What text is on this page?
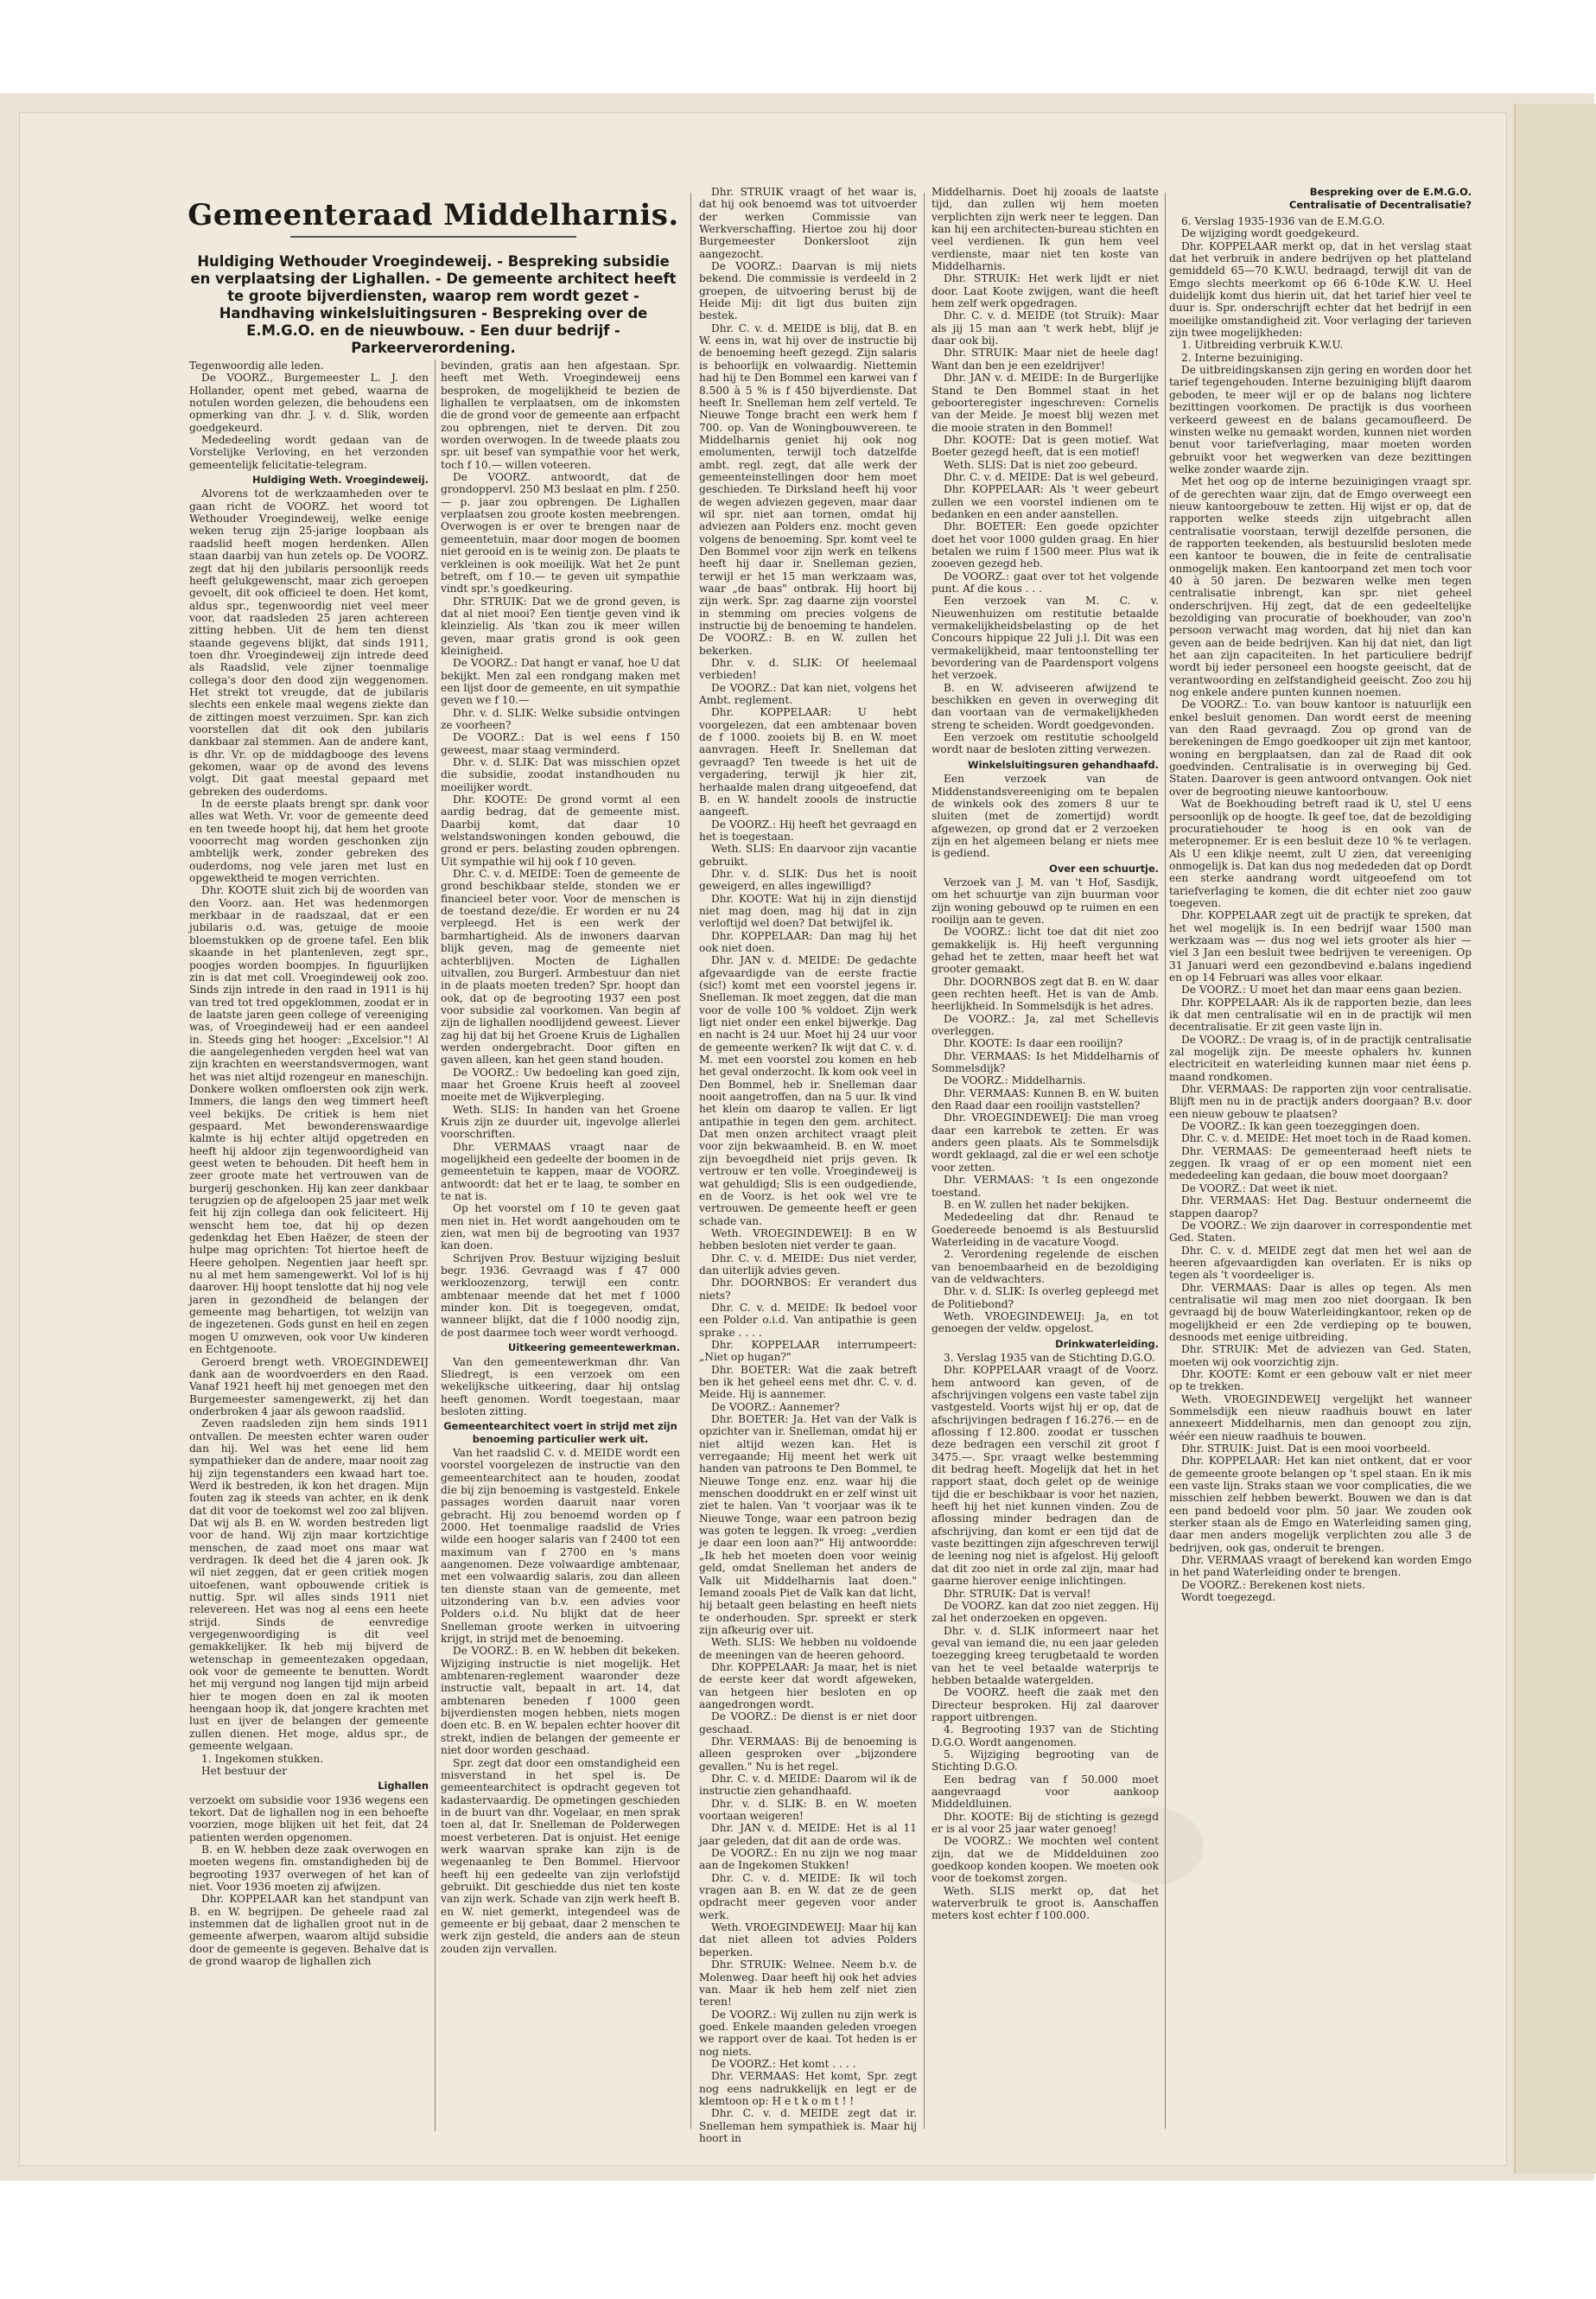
Gemeenteraad Middelharnis.
Huldiging Wethouder Vroegindeweij. - Bespreking subsidie en verplaatsing der Lighallen. - De gemeente architect heeft te groote bijverdiensten, waarop rem wordt gezet - Handhaving winkelsluitingsuren - Bespreking over de E.M.G.O. en de nieuwbouw. - Een duur bedrijf - Parkeerverordening.

Tegenwoordig alle leden.

De VOORZ., Burgemeester L. J. den Hollander, opent met gebed, waarna de notulen worden gelezen, die behoudens een opmerking van dhr. J. v. d. Slik, worden goedgekeurd.

Mededeeling wordt gedaan van de Vorstelijke Verloving, en het verzonden gemeentelijk felicitatie-telegram.

Huldiging Weth. Vroegindeweij.

Alvorens tot de werkzaamheden over te gaan richt de VOORZ. het woord tot Wethouder Vroegindeweij, welke eenige weken terug zijn 25-jarige loopbaan als raadslid heeft mogen herdenken. Allen staan daarbij van hun zetels op. De VOORZ. zegt dat hij den jubilaris persoonlijk reeds heeft gelukgewenscht, maar zich geroepen gevoelt, dit ook officieel te doen. Het komt, aldus spr., tegenwoordig niet veel meer voor, dat raadsleden 25 jaren achtereen zitting hebben. Uit de hem ten dienst staande gegevens blijkt, dat sinds 1911, toen dhr. Vroegindeweij zijn intrede deed als Raadslid, vele zijner toenmalige collega's door den dood zijn weggenomen. Het strekt tot vreugde, dat de jubilaris slechts een enkele maal wegens ziekte dan de zittingen moest verzuimen. Spr. kan zich voorstellen dat dit ook den jubilaris dankbaar zal stemmen. Aan de andere kant, is dhr. Vr. op de middagbooge des levens gekomen, waar op de avond des levens volgt. Dit gaat meestal gepaard met gebreken des ouderdoms.

In de eerste plaats brengt spr. dank voor alles wat Weth. Vr. voor de gemeente deed en ten tweede hoopt hij, dat hem het groote vooorrecht mag worden geschonken zijn ambtelijk werk, zonder gebreken des ouderdoms, nog vele jaren met lust en opgewektheid te mogen verrichten.

Dhr. KOOTE sluit zich bij de woorden van den Voorz. aan. Het was hedenmorgen merkbaar in de raadszaal, dat er een jubilaris o.d. was, getuige de mooie bloemstukken op de groene tafel. Een blik skaande in het plantenleven, zegt spr., poogjes worden boompjes. In figuurlijken zin is dat met coll. Vroegindeweij ook zoo. Sinds zijn intrede in den raad in 1911 is hij van tred tot tred opgeklommen, zoodat er in de laatste jaren geen college of vereeniging was, of Vroegindeweij had er een aandeel in. Steeds ging het hooger: „Excelsior."! Al die aangelegenheden vergden heel wat van zijn krachten en weerstandsvermogen, want het was niet altijd rozengeur en maneschijn. Donkere wolken omfloersten ook zijn werk. Immers, die langs den weg timmert heeft veel bekijks. De critiek is hem niet gespaard. Met bewonderenswaardige kalmte is hij echter altijd opgetreden en heeft hij aldoor zijn tegenwoordigheid van geest weten te behouden. Dit heeft hem in zeer groote mate het vertrouwen van de burgerij geschonken. Hij kan zeer dankbaar terugzien op de afgeloopen 25 jaar met welk feit hij zijn collega dan ook feliciteert. Hij wenscht hem toe, dat hij op dezen gedenkdag het Eben Haëzer, de steen der hulpe mag oprichten: Tot hiertoe heeft de Heere geholpen. Negentien jaar heeft spr. nu al met hem samengewerkt. Vol lof is hij daarover. Hij hoopt tenslotte dat hij nog vele jaren in gezondheid de belangen der gemeente mag behartigen, tot welzijn van de ingezetenen. Gods gunst en heil en zegen mogen U omzweven, ook voor Uw kinderen en Echtgenoote.

Geroerd brengt weth. VROEGINDEWEIJ dank aan de woordvoerders en den Raad. Vanaf 1921 heeft hij met genoegen met den Burgemeester samengewerkt, zij het dan onderbroken 4 jaar als gewoon raadslid.

Zeven raadsleden zijn hem sinds 1911 ontvallen. De meesten echter waren ouder dan hij. Wel was het eene lid hem sympathieker dan de andere, maar nooit zag hij zijn tegenstanders een kwaad hart toe. Werd ik bestreden, ik kon het dragen. Mijn fouten zag ik steeds van achter, en ik denk dat dit voor de toekomst wel zoo zal blijven. Dat wij als B. en W. worden bestreden ligt voor de hand. Wij zijn maar kortzichtige menschen, de zaad moet ons maar wat verdragen. Ik deed het die 4 jaren ook. Jk wil niet zeggen, dat er geen critiek mogen uitoefenen, want opbouwende critiek is nuttig. Spr. wil alles sinds 1911 niet relevereen. Het was nog al eens een heete strijd. Sinds de eenvredige vergegenwoordiging is dit veel gemakkelijker. Ik heb mij bijverd de wetenschap in gemeentezaken opgedaan, ook voor de gemeente te benutten. Wordt het mij vergund nog langen tijd mijn arbeid hier te mogen doen en zal ik mooten heengaan hoop ik, dat jongere krachten met lust en ijver de belangen der gemeente zullen dienen. Het moge, aldus spr., de gemeente welgaan.

1. Ingekomen stukken.

Het bestuur der

Lighallen

verzoekt om subsidie voor 1936 wegens een tekort. Dat de lighallen nog in een behoefte voorzien, moge blijken uit het feit, dat 24 patienten werden opgenomen.

B. en W. hebben deze zaak overwogen en moeten wegens fin. omstandigheden bij de begrooting 1937 overwegen of het kan of niet. Voor 1936 moeten zij afwijzen.

Dhr. KOPPELAAR kan het standpunt van B. en W. begrijpen. De geheele raad zal instemmen dat de lighallen groot nut in de gemeente afwerpen, waarom altijd subsidie door de gemeente is gegeven. Behalve dat is de grond waarop de lighallen zich

bevinden, gratis aan hen afgestaan. Spr. heeft met Weth. Vroegindeweij eens besproken, de mogelijkheid te bezien de lighallen te verplaatsen, om de inkomsten die de grond voor de gemeente aan erfpacht zou opbrengen, niet te derven. Dit zou worden overwogen. In de tweede plaats zou spr. uit besef van sympathie voor het werk, toch f 10.— willen voteeren.

De VOORZ. antwoordt, dat de grondoppervl. 250 M3 beslaat en plm. f 250.— p. jaar zou opbrengen. De Lighallen verplaatsen zou groote kosten meebrengen. Overwogen is er over te brengen naar de gemeentetuin, maar door mogen de boomen niet gerooid en is te weinig zon. De plaats te verkleinen is ook moeilijk. Wat het 2e punt betreft, om f 10.— te geven uit sympathie vindt spr.'s goedkeuring.

Dhr. STRUIK: Dat we de grond geven, is dat al niet mooi? Een tientje geven vind ik kleinzielig. Als 'tkan zou ik meer willen geven, maar gratis grond is ook geen kleinigheid.

De VOORZ.: Dat hangt er vanaf, hoe U dat bekijkt. Men zal een rondgang maken met een lijst door de gemeente, en uit sympathie geven we f 10.—

Dhr. v. d. SLIK: Welke subsidie ontvingen ze voorheen?

De VOORZ.: Dat is wel eens f 150 geweest, maar staag verminderd.

Dhr. v. d. SLIK: Dat was misschien opzet die subsidie, zoodat instandhouden nu moeilijker wordt.

Dhr. KOOTE: De grond vormt al een aardig bedrag, dat de gemeente mist. Daarbij komt, dat daar 10 welstandswoningen konden gebouwd, die grond er pers. belasting zouden opbrengen. Uit sympathie wil hij ook f 10 geven.

Dhr. C. v. d. MEIDE: Toen de gemeente de grond beschikbaar stelde, stonden we er financieel beter voor. Voor de menschen is de toestand deze/die. Er worden er nu 24 verpleegd. Het is een werk der barmhartigheid. Als de inwoners daarvan blijk geven, mag de gemeente niet achterblijven. Mocten de Lighallen uitvallen, zou Burgerl. Armbestuur dan niet in de plaats moeten treden? Spr. hoopt dan ook, dat op de begrooting 1937 een post voor subsidie zal voorkomen. Van begin af zijn de lighallen noodlijdend geweest. Liever zag hij dat bij het Groene Kruis de Lighallen werden ondergebracht. Door giften en gaven alleen, kan het geen stand houden.

De VOORZ.: Uw bedoeling kan goed zijn, maar het Groene Kruis heeft al zooveel moeite met de Wijkverpleging.

Weth. SLIS: In handen van het Groene Kruis zijn ze duurder uit, ingevolge allerlei voorschriften.

Dhr. VERMAAS vraagt naar de mogelijkheid een gedeelte der boomen in de gemeentetuin te kappen, maar de VOORZ. antwoordt: dat het er te laag, te somber en te nat is.

Op het voorstel om f 10 te geven gaat men niet in. Het wordt aangehouden om te zien, wat men bij de begrooting van 1937 kan doen.

Schrijven Prov. Bestuur wijziging besluit begr. 1936. Gevraagd was f 47 000 werkloozenzorg, terwijl een contr. ambtenaar meende dat het met f 1000 minder kon. Dit is toegegeven, omdat, wanneer blijkt, dat die f 1000 noodig zijn, de post daarmee toch weer wordt verhoogd.

Uitkeering gemeentewerkman.

Van den gemeentewerkman dhr. Van Sliedregt, is een verzoek om een wekelijksche uitkeering, daar hij ontslag heeft genomen. Wordt toegestaan, maar besloten zitting.

Gemeentearchitect voert in strijd met zijn benoeming particulier werk uit.

Van het raadslid C. v. d. MEIDE wordt een voorstel voorgelezen de instructie van den gemeentearchitect aan te houden, zoodat die bij zijn benoeming is vastgesteld. Enkele passages worden daaruit naar voren gebracht. Hij zou benoemd worden op f 2000. Het toenmalige raadslid de Vries wilde een hooger salaris van f 2400 tot een maximum van f 2700 en 's mans aangenomen. Deze volwaardige ambtenaar, met een volwaardig salaris, zou dan alleen ten dienste staan van de gemeente, met uitzondering van b.v. een advies voor Polders o.i.d. Nu blijkt dat de heer Snelleman groote werken in uitvoering krijgt, in strijd met de benoeming.

De VOORZ.: B. en W. hebben dit bekeken. Wijziging instructie is niet mogelijk. Het ambtenaren-reglement waaronder deze instructie valt, bepaalt in art. 14, dat ambtenaren beneden f 1000 geen bijverdiensten mogen hebben, niets mogen doen etc. B. en W. bepalen echter hoover dit strekt, indien de belangen der gemeente er niet door worden geschaad.

Spr. zegt dat door een omstandigheid een misverstand in het spel is. De gemeentearchitect is opdracht gegeven tot kadastervaardig. De opmetingen geschieden in de buurt van dhr. Vogelaar, en men sprak toen al, dat Ir. Snelleman de Polderwegen moest verbeteren. Dat is onjuist. Het eenige werk waarvan sprake kan zijn is de wegenaanleg te Den Bommel. Hiervoor heeft hij een gedeelte van zijn verlofstijd gebruikt. Dit geschiedde dus niet ten koste van zijn werk. Schade van zijn werk heeft B. en W. niet gemerkt, integendeel was de gemeente er bij gebaat, daar 2 menschen te werk zijn gesteld, die anders aan de steun zouden zijn vervallen.

Dhr. STRUIK vraagt of het waar is, dat hij ook benoemd was tot uitvoerder der werken Commissie van Werkverschaffing. Hiertoe zou hij door Burgemeester Donkersloot zijn aangezocht.

De VOORZ.: Daarvan is mij niets bekend. Die commissie is verdeeld in 2 groepen, de uitvoering berust bij de Heide Mij: dit ligt dus buiten zijn bestek.

Dhr. C. v. d. MEIDE is blij, dat B. en W. eens in, wat hij over de instructie bij de benoeming heeft gezegd. Zijn salaris is behoorlijk en volwaardig. Niettemin had hij te Den Bommel een karwei van f 8.500 à 5 % is f 450 bijverdienste. Dat heeft Ir. Snelleman hem zelf verteld. Te Nieuwe Tonge bracht een werk hem f 700. op. Van de Woningbouwvereen. te Middelharnis geniet hij ook nog emolumenten, terwijl toch datzelfde ambt. regl. zegt, dat alle werk der gemeenteinstellingen door hem moet geschieden. Te Dirksland heeft hij voor de wegen adviezen gegeven, maar daar wil spr. niet aan tornen, omdat hij adviezen aan Polders enz. mocht geven volgens de benoeming. Spr. komt veel te Den Bommel voor zijn werk en telkens heeft hij daar ir. Snelleman gezien, terwijl er het 15 man werkzaam was, waar „de baas" ontbrak. Hij hoort bij zijn werk. Spr. zag daarne zijn voorstel in stemming om precies volgens de instructie bij de benoeming te handelen. De VOORZ.: B. en W. zullen het bekerken.

Dhr. v. d. SLIK: Of heelemaal verbieden!

De VOORZ.: Dat kan niet, volgens het Ambt. reglement.

Dhr. KOPPELAAR: U hebt voorgelezen, dat een ambtenaar boven de f 1000. zooiets bij B. en W. moet aanvragen. Heeft Ir. Snelleman dat gevraagd? Ten tweede is het uit de vergadering, terwijl jk hier zit, herhaalde malen drang uitgeoefend, dat B. en W. handelt zoools de instructie aangeeft.

De VOORZ.: Hij heeft het gevraagd en het is toegestaan.

Weth. SLIS: En daarvoor zijn vacantie gebruikt.

Dhr. v. d. SLIK: Dus het is nooit geweigerd, en alles ingewilligd?

Dhr. KOOTE: Wat hij in zijn dienstijd niet mag doen, mag hij dat in zijn verloftijd wel doen? Dat betwijfel ik.

Dhr. KOPPELAAR: Dan mag hij het ook niet doen.

Dhr. JAN v. d. MEIDE: De gedachte afgevaardigde van de eerste fractie (sic!) komt met een voorstel jegens ir. Snelleman. Ik moet zeggen, dat die man voor de volle 100 % voldoet. Zijn werk ligt niet onder een enkel bijwerkje. Dag en nacht is 24 uur. Moet hij 24 uur voor de gemeente werken? Ik wijt dat C. v. d. M. met een voorstel zou komen en heb het geval onderzocht. Ik kom ook veel in Den Bommel, heb ir. Snelleman daar nooit aangetroffen, dan na 5 uur. Ik vind het klein om daarop te vallen. Er ligt antipathie in tegen den gem. architect. Dat men onzen architect vraagt pleit voor zijn bekwaamheid. B. en W. moet zijn bevoegdheid niet prijs geven. Ik vertrouw er ten volle. Vroegindeweij is wat gehuldigd; Slis is een oudgediende, en de Voorz. is het ook wel vre te vertrouwen. De gemeente heeft er geen schade van.

Weth. VROEGINDEWEIJ: B en W hebben besloten niet verder te gaan.

Dhr. C. v. d. MEIDE: Dus niet verder, dan uiterlijk advies geven.

Dhr. DOORNBOS: Er verandert dus niets?

Dhr. C. v. d. MEIDE: Ik bedoel voor een Polder o.i.d. Van antipathie is geen sprake . . . .

Dhr. KOPPELAAR interrumpeert: „Niet op hugan?"

Dhr. BOETER: Wat die zaak betreft ben ik het geheel eens met dhr. C. v. d. Meide. Hij is aannemer.

De VOORZ.: Aannemer?

Dhr. BOETER: Ja. Het van der Valk is opzichter van ir. Snelleman, omdat hij er niet altijd wezen kan. Het is verregaande; Hij meent het werk uit handen van patroons te Den Bommel, te Nieuwe Tonge enz. enz. waar hij die menschen dooddrukt en er zelf winst uit ziet te halen. Van 't voorjaar was ik te Nieuwe Tonge, waar een patroon bezig was goten te leggen. Ik vroeg: „verdien je daar een loon aan?" Hij antwoordde: „Ik heb het moeten doen voor weinig geld, omdat Snelleman het anders de Valk uit Middelharnis laat doen." Iemand zooals Piet de Valk kan dat licht, hij betaalt geen belasting en heeft niets te onderhouden. Spr. spreekt er sterk zijn afkeurig over uit.

Weth. SLIS: We hebben nu voldoende de meeningen van de heeren gehoord.

Dhr. KOPPELAAR: Ja maar, het is niet de eerste keer dat wordt afgeweken, van hetgeen hier besloten en op aangedrongen wordt.

De VOORZ.: De dienst is er niet door geschaad.

Dhr. VERMAAS: Bij de benoeming is alleen gesproken over „bijzondere gevallen." Nu is het regel.

Dhr. C. v. d. MEIDE: Daarom wil ik de instructie zien gehandhaafd.

Dhr. v. d. SLIK: B. en W. moeten voortaan weigeren!

Dhr. JAN v. d. MEIDE: Het is al 11 jaar geleden, dat dit aan de orde was.

De VOORZ.: En nu zijn we nog maar aan de Ingekomen Stukken!

Dhr. C. v. d. MEIDE: Ik wil toch vragen aan B. en W. dat ze de geen opdracht meer gegeven voor ander werk.

Weth. VROEGINDEWEIJ: Maar hij kan dat niet alleen tot advies Polders beperken.

Dhr. STRUIK: Welnee. Neem b.v. de Molenweg. Daar heeft hij ook het advies van. Maar ik heb hem zelf niet zien teren!

De VOORZ.: Wij zullen nu zijn werk is goed. Enkele maanden geleden vroegen we rapport over de kaai. Tot heden is er nog niets.

De VOORZ.: Het komt . . . .

Dhr. VERMAAS: Het komt, Spr. zegt nog eens nadrukkelijk en legt er de klemtoon op: H e t k o m t ! !

Dhr. C. v. d. MEIDE zegt dat ir. Snelleman hem sympathiek is. Maar hij hoort in

Middelharnis. Doet hij zooals de laatste tijd, dan zullen wij hem moeten verplichten zijn werk neer te leggen. Dan kan hij een architecten-bureau stichten en veel verdienen. Ik gun hem veel verdienste, maar niet ten koste van Middelharnis.

Dhr. STRUIK: Het werk lijdt er niet door. Laat Koote zwijgen, want die heeft hem zelf werk opgedragen.

Dhr. C. v. d. MEIDE (tot Struik): Maar als jij 15 man aan 't werk hebt, blijf je daar ook bij.

Dhr. STRUIK: Maar niet de heele dag! Want dan ben je een ezeldrijver!

Dhr. JAN v. d. MEIDE: In de Burgerlijke Stand te Den Bommel staat in het geboorteregister ingeschreven: Cornelis van der Meide. Je moest blij wezen met die mooie straten in den Bommel!

Dhr. KOOTE: Dat is geen motief. Wat Boeter gezegd heeft, dat is een motief!

Weth. SLIS: Dat is niet zoo gebeurd.

Dhr. C. v. d. MEIDE: Dat is wel gebeurd.

Dhr. KOPPELAAR: Als 't weer gebeurt zullen we een voorstel indienen om te bedanken en een ander aanstellen.

Dhr. BOETER: Een goede opzichter doet het voor 1000 gulden graag. En hier betalen we ruim f 1500 meer. Plus wat ik zooeven gezegd heb.

De VOORZ.: gaat over tot het volgende punt. Af die kous . . .

Een verzoek van M. C. v. Nieuwenhuizen om restitutie betaalde vermakelijkheidsbelasting op de het Concours hippique 22 Juli j.l. Dit was een vermakelijkheid, maar tentoonstelling ter bevordering van de Paardensport volgens het verzoek.

B. en W. adviseeren afwijzend te beschikken en geven in overweging dit dan voortaan van de vermakelijkheden streng te scheiden. Wordt goedgevonden.

Een verzoek om restitutie schoolgeld wordt naar de besloten zitting verwezen.

Winkelsluitingsuren gehandhaafd.

Een verzoek van de Middenstandsvereeniging om te bepalen de winkels ook des zomers 8 uur te sluiten (met de zomertijd) wordt afgewezen, op grond dat er 2 verzoeken zijn en het algemeen belang er niets mee is gediend.

Over een schuurtje.

Verzoek van J. M. van 't Hof, Sasdijk, om het schuurtje van zijn buurman voor zijn woning gebouwd op te ruimen en een rooilijn aan te geven.

De VOORZ.: licht toe dat dit niet zoo gemakkelijk is. Hij heeft vergunning gehad het te zetten, maar heeft het wat grooter gemaakt.

Dhr. DOORNBOS zegt dat B. en W. daar geen rechten heeft. Het is van de Amb. heerlijkheid. In Sommelsdijk is het adres.

De VOORZ.: Ja, zal met Schellevis overleggen.

Dhr. KOOTE: Is daar een rooilijn?

Dhr. VERMAAS: Is het Middelharnis of Sommelsdijk?

De VOORZ.: Middelharnis.

Dhr. VERMAAS: Kunnen B. en W. buiten den Raad daar een rooilijn vaststellen?

Dhr. VROEGINDEWEIJ: Die man vroeg daar een karrebok te zetten. Er was anders geen plaats. Als te Sommelsdijk wordt geklaagd, zal die er wel een schotje voor zetten.

Dhr. VERMAAS: 't Is een ongezonde toestand.

B. en W. zullen het nader bekijken.

Mededeeling dat dhr. Renaud te Goedereede benoemd is als Bestuurslid Waterleiding in de vacature Voogd.

2. Verordening regelende de eischen van benoembaarheid en de bezoldiging van de veldwachters.

Dhr. v. d. SLIK: Is overleg gepleegd met de Politiebond?

Weth. VROEGINDEWEIJ: Ja, en tot genoegen der veldw. opgelost.

Drinkwaterleiding.

3. Verslag 1935 van de Stichting D.G.O.

Dhr. KOPPELAAR vraagt of de Voorz. hem antwoord kan geven, of de afschrijvingen volgens een vaste tabel zijn vastgesteld. Voorts wijst hij er op, dat de afschrijvingen bedragen f 16.276.— en de aflossing f 12.800. zoodat er tusschen deze bedragen een verschil zit groot f 3475.—. Spr. vraagt welke bestemming dit bedrag heeft. Mogelijk dat het in het rapport staat, doch gelet op de weinige tijd die er beschikbaar is voor het nazien, heeft hij het niet kunnen vinden. Zou de aflossing minder bedragen dan de afschrijving, dan komt er een tijd dat de vaste bezittingen zijn afgeschreven terwijl de leening nog niet is afgelost. Hij gelooft dat dit zoo niet in orde zal zijn, maar had gaarne hierover eenige inlichtingen.

Dhr. STRUIK: Dat is verval!

De VOORZ. kan dat zoo niet zeggen. Hij zal het onderzoeken en opgeven.

Dhr. v. d. SLIK informeert naar het geval van iemand die, nu een jaar geleden toezegging kreeg terugbetaald te worden van het te veel betaalde waterprijs te hebben betaalde watergelden.

De VOORZ. heeft die zaak met den Directeur besproken. Hij zal daarover rapport uitbrengen.

4. Begrooting 1937 van de Stichting D.G.O. Wordt aangenomen.

5. Wijziging begrooting van de Stichting D.G.O.

Een bedrag van f 50.000 moet aangevraagd voor aankoop Middeldluinen.

Dhr. KOOTE: Bij de stichting is gezegd er is al voor 25 jaar water genoeg!

De VOORZ.: We mochten wel content zijn, dat we de Middelduinen zoo goedkoop konden koopen. We moeten ook voor de toekomst zorgen.

Weth. SLIS merkt op, dat het waterverbruik te groot is. Aanschaffen meters kost echter f 100.000.

Bespreking over de E.M.G.O.
Centralisatie of Decentralisatie?

6. Verslag 1935-1936 van de E.M.G.O.

De wijziging wordt goedgekeurd.

Dhr. KOPPELAAR merkt op, dat in het verslag staat dat het verbruik in andere bedrijven op het platteland gemiddeld 65—70 K.W.U. bedraagd, terwijl dit van de Emgo slechts meerkomt op 66 6-10de K.W. U. Heel duidelijk komt dus hierin uit, dat het tarief hier veel te duur is. Spr. onderschrijft echter dat het bedrijf in een moeilijke omstandigheid zit. Voor verlaging der tarieven zijn twee mogelijkheden:

1. Uitbreiding verbruik K.W.U.

2. Interne bezuiniging.

De uitbreidingskansen zijn gering en worden door het tarief tegengehouden. Interne bezuiniging blijft daarom geboden, te meer wijl er op de balans nog lichtere bezittingen voorkomen. De practijk is dus voorheen verkeerd geweest en de balans gecamoufleerd. De winsten welke nu gemaakt worden, kunnen niet worden benut voor tariefverlaging, maar moeten worden gebruikt voor het wegwerken van deze bezittingen welke zonder waarde zijn.

Met het oog op de interne bezuinigingen vraagt spr. of de gerechten waar zijn, dat de Emgo overweegt een nieuw kantoorgebouw te zetten. Hij wijst er op, dat de rapporten welke steeds zijn uitgebracht allen centralisatie voorstaan, terwijl dezelfde personen, die de rapporten teekenden, als bestuurslid besloten mede een kantoor te bouwen, die in feite de centralisatie onmogelijk maken. Een kantoorpand zet men toch voor 40 à 50 jaren. De bezwaren welke men tegen centralisatie inbrengt, kan spr. niet geheel onderschrijven. Hij zegt, dat de een gedeeltelijke bezoldiging van procuratie of boekhouder, van zoo'n persoon verwacht mag worden, dat hij niet dan kan geven aan de beide bedrijven. Kan hij dat niet, dan ligt het aan zijn capaciteiten. In het particuliere bedrijf wordt bij ieder personeel een hoogste geeischt, dat de verantwoording en zelfstandigheid geeischt. Zoo zou hij nog enkele andere punten kunnen noemen.

De VOORZ.: T.o. van bouw kantoor is natuurlijk een enkel besluit genomen. Dan wordt eerst de meening van den Raad gevraagd. Zou op grond van de berekeningen de Emgo goedkooper uit zijn met kantoor, woning en bergplaatsen, dan zal de Raad dit ook goedvinden. Centralisatie is in overweging bij Ged. Staten. Daarover is geen antwoord ontvangen. Ook niet over de begrooting nieuwe kantoorbouw.

Wat de Boekhouding betreft raad ik U, stel U eens persoonlijk op de hoogte. Ik geef toe, dat de bezoldiging procuratiehouder te hoog is en ook van de meteropnemer. Er is een besluit deze 10 % te verlagen. Als U een klikje neemt, zult U zien, dat vereeniging onmogelijk is. Dat kan dus nog medededen dat op Dordt een sterke aandrang wordt uitgeoefend om tot tariefverlaging te komen, die dit echter niet zoo gauw toegeven.

Dhr. KOPPELAAR zegt uit de practijk te spreken, dat het wel mogelijk is. In een bedrijf waar 1500 man werkzaam was — dus nog wel iets grooter als hier — viel 3 Jan een besluit twee bedrijven te vereenigen. Op 31 Januari werd een gezondbevind e.balans ingediend en op 14 Februari was alles voor elkaar.

De VOORZ.: U moet het dan maar eens gaan bezien.

Dhr. KOPPELAAR: Als ik de rapporten bezie, dan lees ik dat men centralisatie wil en in de practijk wil men decentralisatie. Er zit geen vaste lijn in.

De VOORZ.: De vraag is, of in de practijk centralisatie zal mogelijk zijn. De meeste ophalers hv. kunnen electriciteit en waterleiding kunnen maar niet éens p. maand rondkomen.

Dhr. VERMAAS: De rapporten zijn voor centralisatie. Blijft men nu in de practijk anders doorgaan? B.v. door een nieuw gebouw te plaatsen?

De VOORZ.: Ik kan geen toezeggingen doen.

Dhr. C. v. d. MEIDE: Het moet toch in de Raad komen.

Dhr. VERMAAS: De gemeenteraad heeft niets te zeggen. Ik vraag of er op een moment niet een mededeeling kan gedaan, die bouw moet doorgaan?

De VOORZ.: Dat weet ik niet.

Dhr. VERMAAS: Het Dag. Bestuur onderneemt die stappen daarop?

De VOORZ.: We zijn daarover in correspondentie met Ged. Staten.

Dhr. C. v. d. MEIDE zegt dat men het wel aan de heeren afgevaardigden kan overlaten. Er is niks op tegen als 't voordeeliger is.

Dhr. VERMAAS: Daar is alles op tegen. Als men centralisatie wil mag men zoo niet doorgaan. Ik ben gevraagd bij de bouw Waterleidingkantoor, reken op de mogelijkheid er een 2de verdieping op te bouwen, desnoods met eenige uitbreiding.

Dhr. STRUIK: Met de adviezen van Ged. Staten, moeten wij ook voorzichtig zijn.

Dhr. KOOTE: Komt er een gebouw valt er niet meer op te trekken.

Weth. VROEGINDEWEIJ vergelijkt het wanneer Sommelsdijk een nieuw raadhuis bouwt en later annexeert Middelharnis, men dan genoopt zou zijn, wéér een nieuw raadhuis te bouwen.

Dhr. STRUIK: Juist. Dat is een mooi voorbeeld.

Dhr. KOPPELAAR: Het kan niet ontkent, dat er voor de gemeente groote belangen op 't spel staan. En ik mis een vaste lijn. Straks staan we voor complicaties, die we misschien zelf hebben bewerkt. Bouwen we dan is dat een pand bedoeld voor plm. 50 jaar. We zouden ook sterker staan als de Emgo en Waterleiding samen ging, daar men anders mogelijk verplichten zou alle 3 de bedrijven, ook gas, onderuit te brengen.

Dhr. VERMAAS vraagt of berekend kan worden Emgo in het pand Waterleiding onder te brengen.

De VOORZ.: Berekenen kost niets.

Wordt toegezegd.
